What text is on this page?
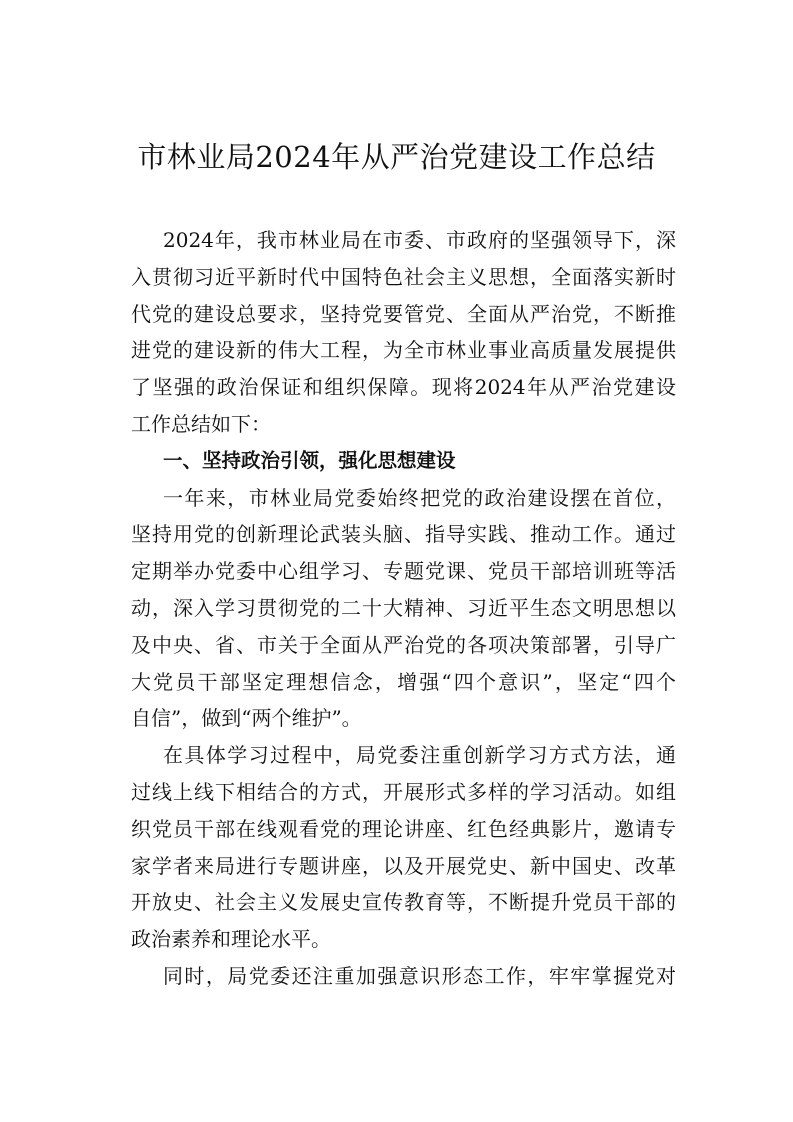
市林业局2024年从严治党建设工作总结
2024年，我市林业局在市委、市政府的坚强领导下，深
入贯彻习近平新时代中国特色社会主义思想，全面落实新时
代党的建设总要求，坚持党要管党、全面从严治党，不断推
进党的建设新的伟大工程，为全市林业事业高质量发展提供
了坚强的政治保证和组织保障。现将2024年从严治党建设
工作总结如下：
一、坚持政治引领，强化思想建设
一年来，市林业局党委始终把党的政治建设摆在首位，
坚持用党的创新理论武装头脑、指导实践、推动工作。通过
定期举办党委中心组学习、专题党课、党员干部培训班等活
动，深入学习贯彻党的二十大精神、习近平生态文明思想以
及中央、省、市关于全面从严治党的各项决策部署，引导广
大党员干部坚定理想信念，增强“四个意识”，坚定“四个
自信”，做到“两个维护”。
在具体学习过程中，局党委注重创新学习方式方法，通
过线上线下相结合的方式，开展形式多样的学习活动。如组
织党员干部在线观看党的理论讲座、红色经典影片，邀请专
家学者来局进行专题讲座，以及开展党史、新中国史、改革
开放史、社会主义发展史宣传教育等，不断提升党员干部的
政治素养和理论水平。
同时，局党委还注重加强意识形态工作，牢牢掌握党对
